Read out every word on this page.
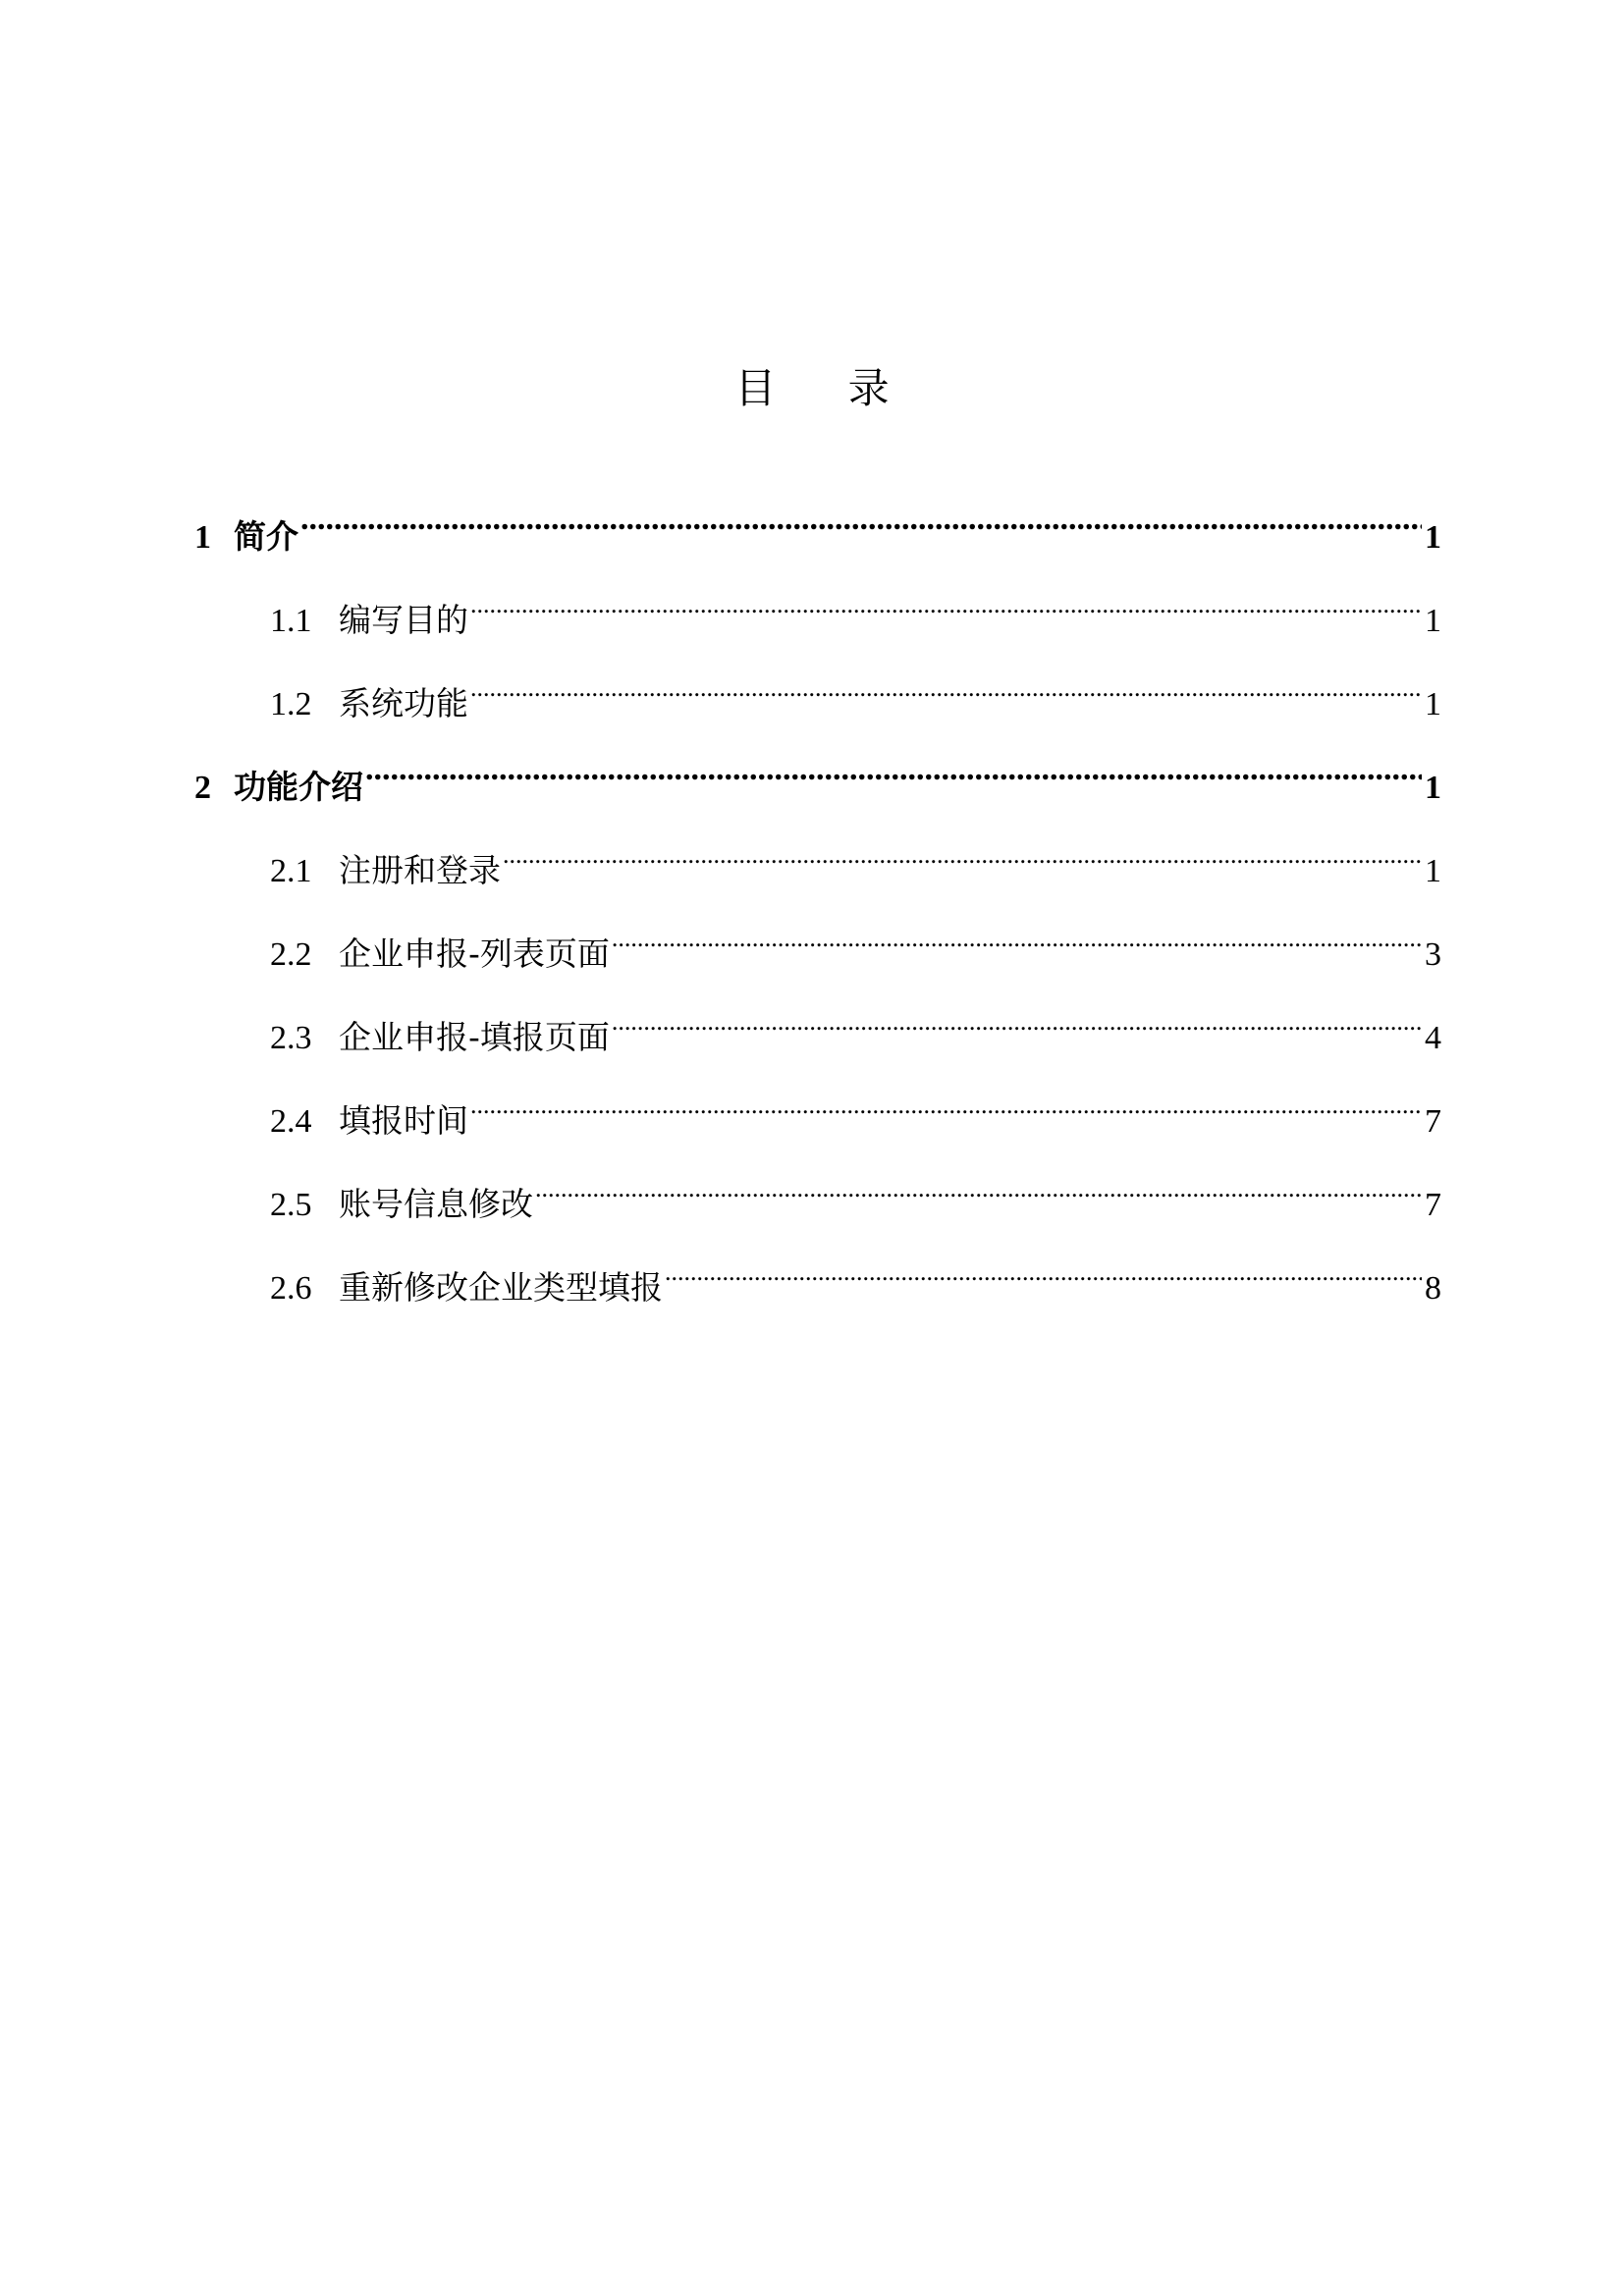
目 录
1 简介 .....	1
1.1 编写目的 .....	1
1.2 系统功能 .....	1
2 功能介绍 .....	1
2.1 注册和登录 .....	1
2.2 企业申报-列表页面 .....	3
2.3 企业申报-填报页面 .....	4
2.4 填报时间 .....	7
2.5 账号信息修改 .....	7
2.6 重新修改企业类型填报 .....	8
